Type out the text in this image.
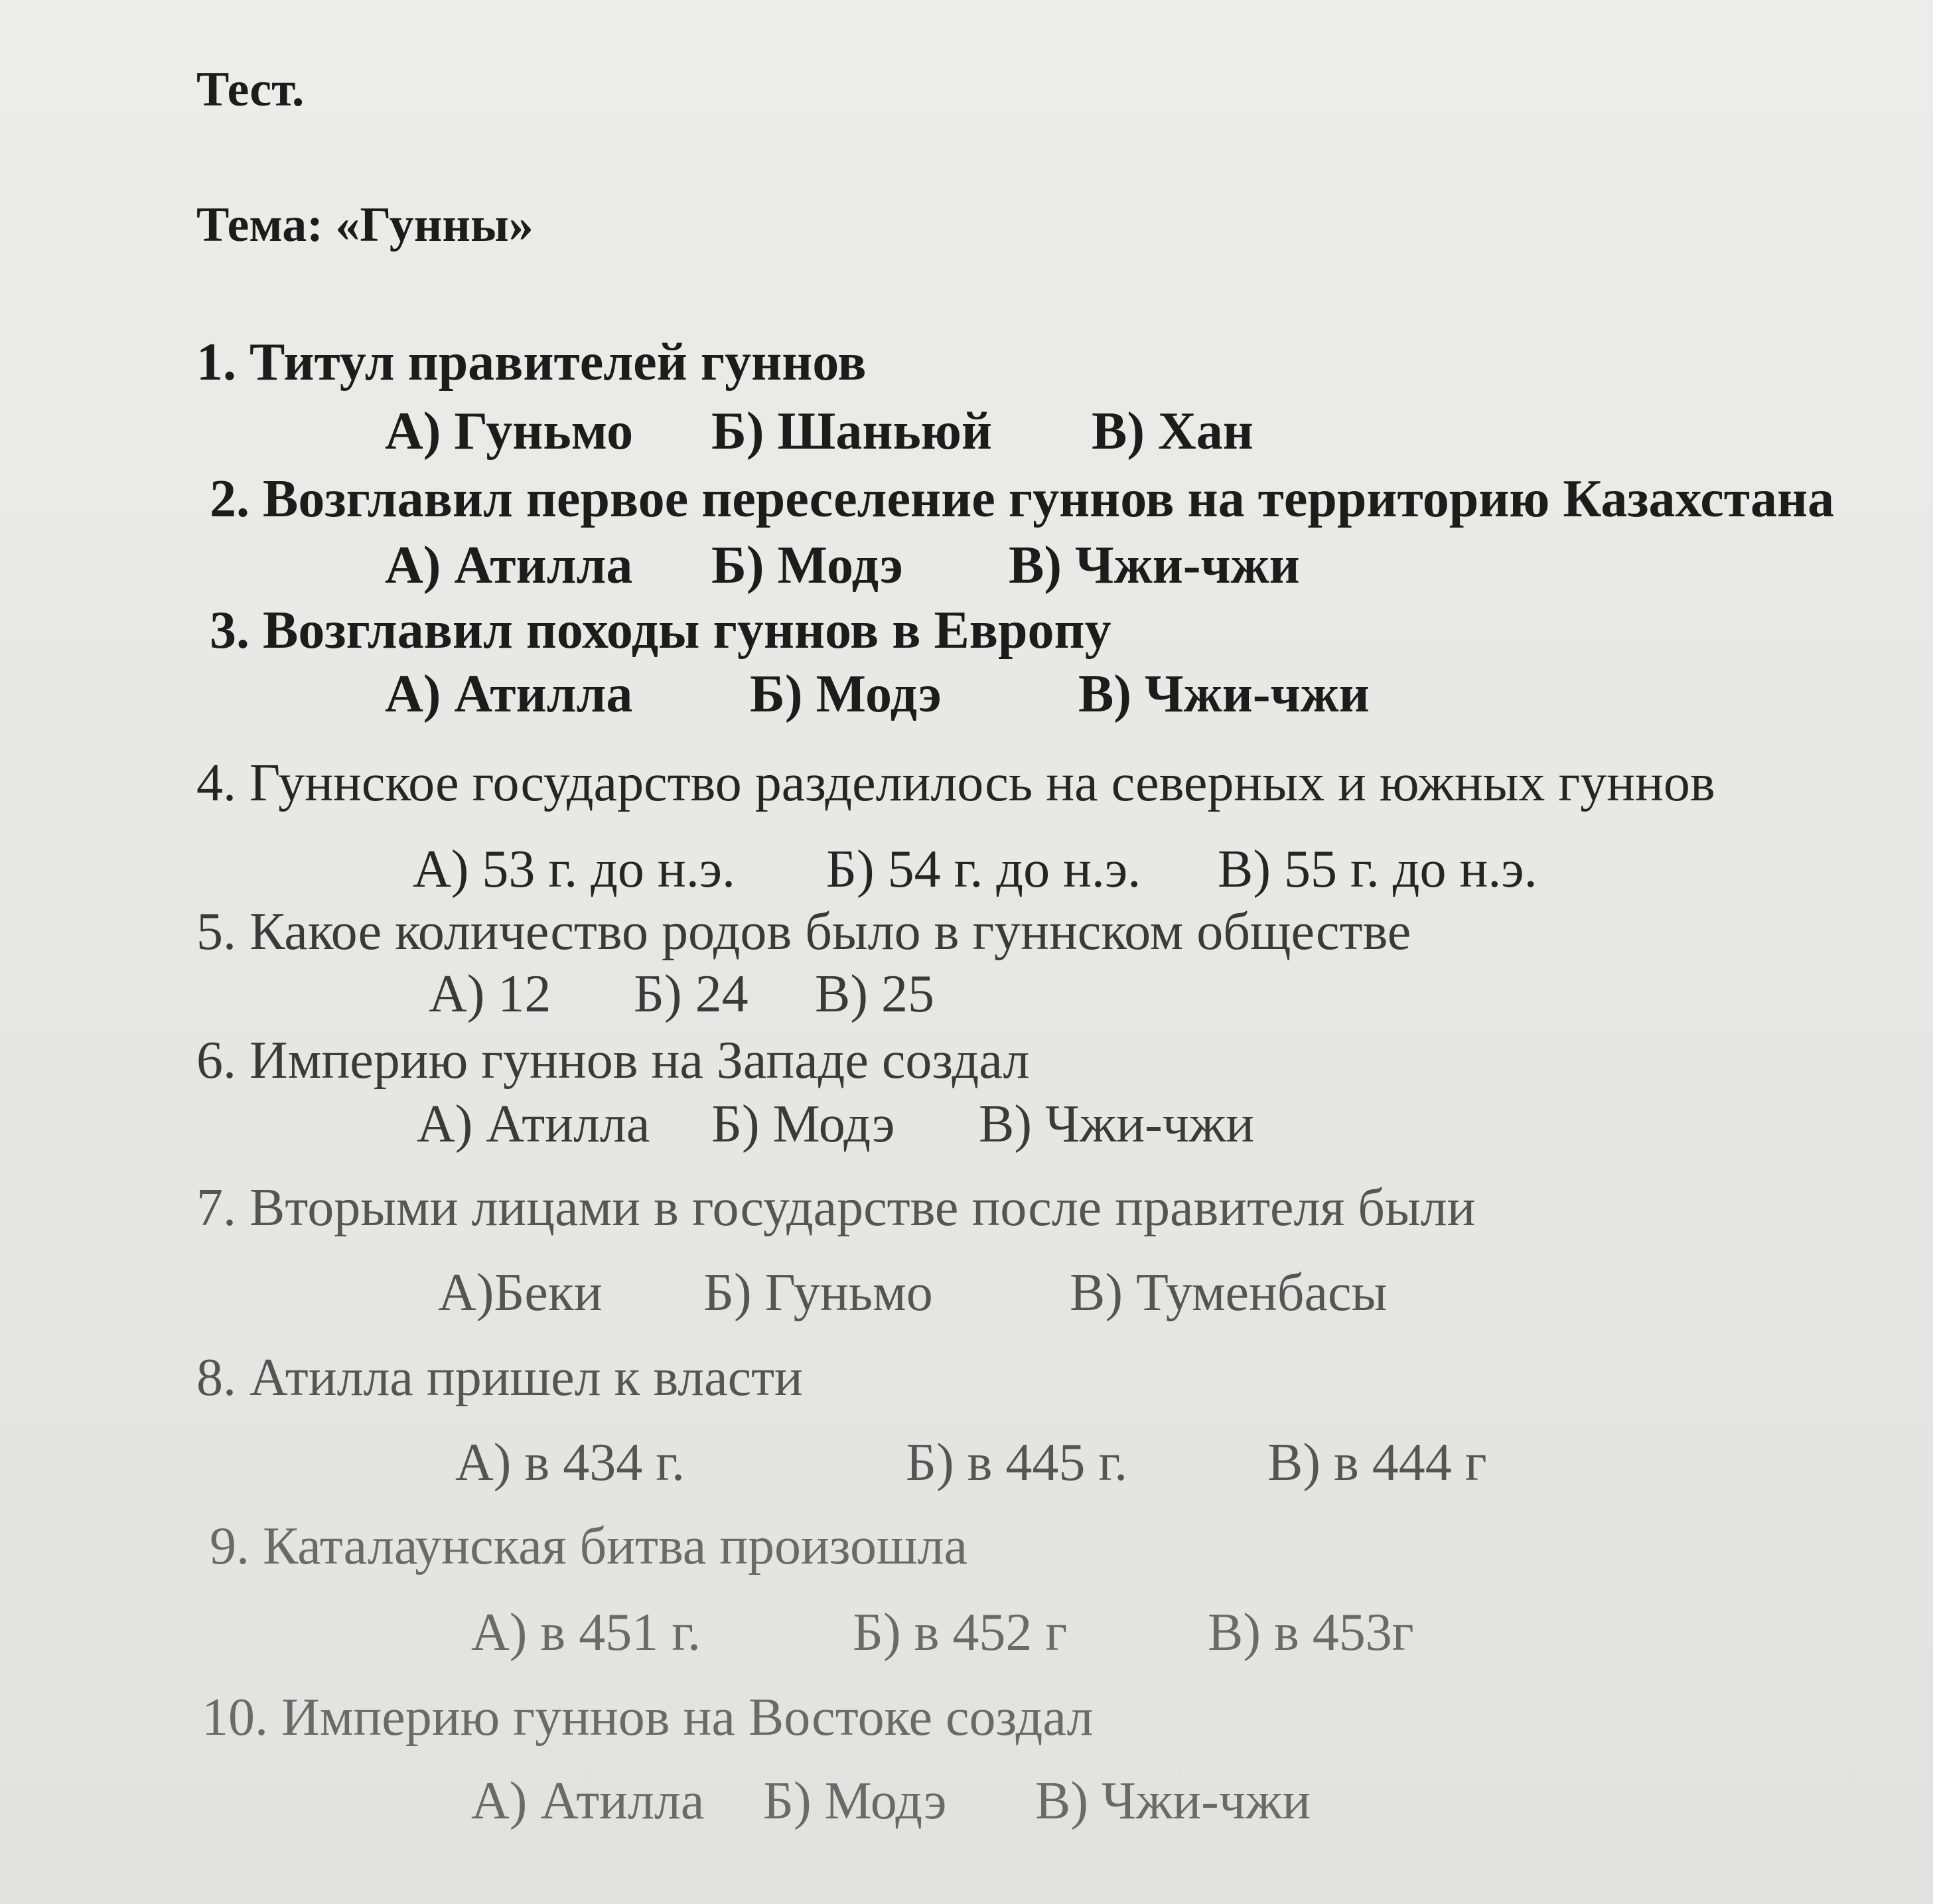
Тест.
Тема: «Гунны»
1. Титул правителей гуннов
А) Гуньмо Б) Шаньюй В) Хан
2. Возглавил первое переселение гуннов на территорию Казахстана
А) Атилла Б) Модэ В) Чжи-чжи
3. Возглавил походы гуннов в Европу
А) Атилла Б) Модэ	В) Чжи-чжи
4. Гуннское государство разделилось на северных и южных гуннов
А) 53 г. до н.э. Б) 54 г. до н.э. В) 55 г. до н.э.
5. Какое количество родов было в гуннском обществе
А) 12 Б) 24 В) 25
6. Империю гуннов на Западе создал
А) Атилла Б) Модэ В) Чжи-чжи
7. Вторыми лицами в государстве после правителя были
А)Беки Б) Гуньмо	В) Туменбасы
8. Атилла пришел к власти
А) в 434 г.	Б) в 445 г.	В) в 444 г
9. Каталаунская битва произошла
А) в 451 г.	Б) в 452 г	В) в 453г
10. Империю гуннов на Востоке создал
А) Атилла Б) Модэ В) Чжи-чжи
